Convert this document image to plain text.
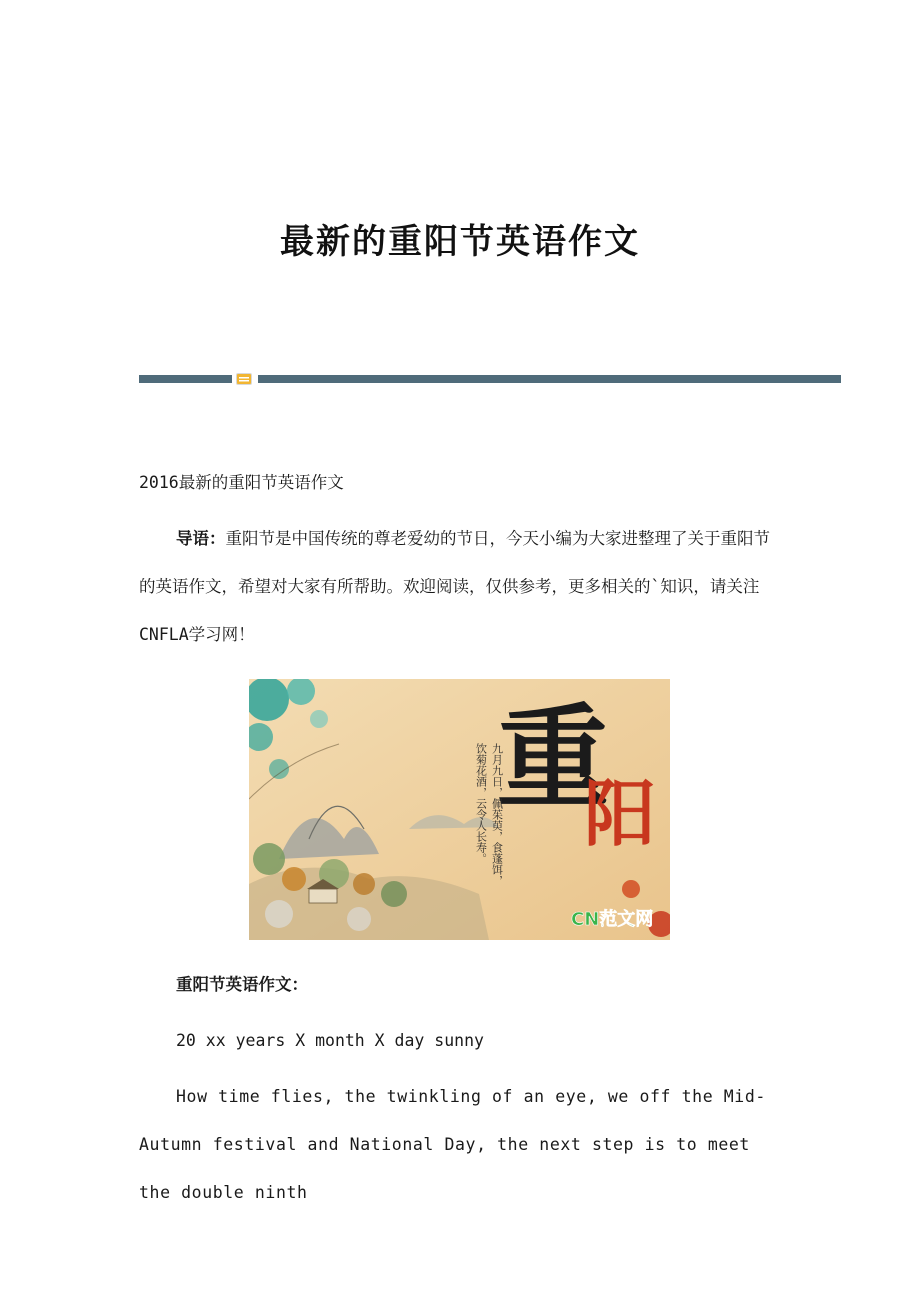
最新的重阳节英语作文

2016最新的重阳节英语作文

导语：重阳节是中国传统的尊老爱幼的节日，今天小编为大家进整理了关于重阳节的英语作文，希望对大家有所帮助。欢迎阅读，仅供参考，更多相关的`知识，请关注CNFLA学习网！

重
阳
九月九日，佩茱萸，食蓬饵，
饮菊花酒，云令人长寿。
CN范文网

重阳节英语作文：

20 xx years X month X day sunny

How time flies, the twinkling of an eye, we off the Mid-Autumn festival and National Day, the next step is to meet the double ninth
